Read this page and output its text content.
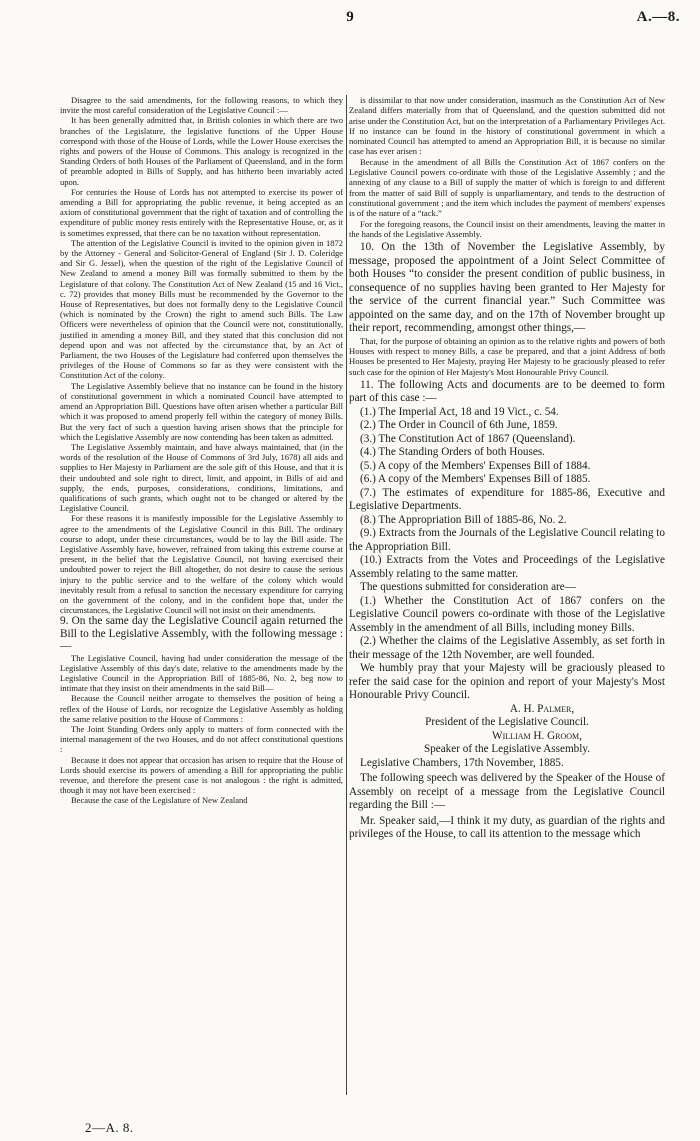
9	A.—8.

Disagree to the said amendments, for the following reasons, to which they invite the most careful consideration of the Legislative Council :—

It has been generally admitted that, in British colonies in which there are two branches of the Legislature, the legislative functions of the Upper House correspond with those of the House of Lords, while the Lower House exercises the rights and powers of the House of Commons. This analogy is recognized in the Standing Orders of both Houses of the Parliament of Queensland, and in the form of preamble adopted in Bills of Supply, and has hitherto been invariably acted upon.

For centuries the House of Lords has not attempted to exercise its power of amending a Bill for appropriating the public revenue, it being accepted as an axiom of constitutional government that the right of taxation and of controlling the expenditure of public money rests entirely with the Representative House, or, as it is sometimes expressed, that there can be no taxation without representation.

The attention of the Legislative Council is invited to the opinion given in 1872 by the Attorney - General and Solicitor-General of England (Sir J. D. Coleridge and Sir G. Jessel), when the question of the right of the Legislative Council of New Zealand to amend a money Bill was formally submitted to them by the Legislature of that colony. The Constitution Act of New Zealand (15 and 16 Vict., c. 72) provides that money Bills must be recommended by the Governor to the House of Representatives, but does not formally deny to the Legislative Council (which is nominated by the Crown) the right to amend such Bills. The Law Officers were nevertheless of opinion that the Council were not, constitutionally, justified in amending a money Bill, and they stated that this conclusion did not depend upon and was not affected by the circumstance that, by an Act of Parliament, the two Houses of the Legislature had conferred upon themselves the privileges of the House of Commons so far as they were consistent with the Constitution Act of the colony.

The Legislative Assembly believe that no instance can be found in the history of constitutional government in which a nominated Council have attempted to amend an Appropriation Bill. Questions have often arisen whether a particular Bill which it was proposed to amend properly fell within the category of money Bills. But the very fact of such a question having arisen shows that the principle for which the Legislative Assembly are now contending has been taken as admitted.

The Legislative Assembly maintain, and have always maintained, that (in the words of the resolution of the House of Commons of 3rd July, 1678) all aids and supplies to Her Majesty in Parliament are the sole gift of this House, and that it is their undoubted and sole right to direct, limit, and appoint, in Bills of aid and supply, the ends, purposes, considerations, conditions, limitations, and qualifications of such grants, which ought not to be changed or altered by the Legislative Council.

For these reasons it is manifestly impossible for the Legislative Assembly to agree to the amendments of the Legislative Council in this Bill. The ordinary course to adopt, under these circumstances, would be to lay the Bill aside. The Legislative Assembly have, however, refrained from taking this extreme course at present, in the belief that the Legislative Council, not having exercised their undoubted power to reject the Bill altogether, do not desire to cause the serious injury to the public service and to the welfare of the colony which would inevitably result from a refusal to sanction the necessary expenditure for carrying on the government of the colony, and in the confident hope that, under the circumstances, the Legislative Council will not insist on their amendments.

9. On the same day the Legislative Council again returned the Bill to the Legislative Assembly, with the following message :—

The Legislative Council, having had under consideration the message of the Legislative Assembly of this day's date, relative to the amendments made by the Legislative Council in the Appropriation Bill of 1885-86, No. 2, beg now to intimate that they insist on their amendments in the said Bill—

Because the Council neither arrogate to themselves the position of being a reflex of the House of Lords, nor recognize the Legislative Assembly as holding the same relative position to the House of Commons :

The Joint Standing Orders only apply to matters of form connected with the internal management of the two Houses, and do not affect constitutional questions :

Because it does not appear that occasion has arisen to require that the House of Lords should exercise its powers of amending a Bill for appropriating the public revenue, and therefore the present case is not analogous : the right is admitted, though it may not have been exercised :

Because the case of the Legislature of New Zealand

is dissimilar to that now under consideration, inasmuch as the Constitution Act of New Zealand differs materially from that of Queensland, and the question submitted did not arise under the Constitution Act, but on the interpretation of a Parliamentary Privileges Act. If no instance can be found in the history of constitutional government in which a nominated Council has attempted to amend an Appropriation Bill, it is because no similar case has ever arisen :

Because in the amendment of all Bills the Constitution Act of 1867 confers on the Legislative Council powers co-ordinate with those of the Legislative Assembly ; and the annexing of any clause to a Bill of supply the matter of which is foreign to and different from the matter of said Bill of supply is unparliamentary, and tends to the destruction of constitutional government ; and the item which includes the payment of members' expenses is of the nature of a “tack.”

For the foregoing reasons, the Council insist on their amendments, leaving the matter in the hands of the Legislative Assembly.

10. On the 13th of November the Legislative Assembly, by message, proposed the appointment of a Joint Select Committee of both Houses “to consider the present condition of public business, in consequence of no supplies having been granted to Her Majesty for the service of the current financial year.” Such Committee was appointed on the same day, and on the 17th of November brought up their report, recommending, amongst other things,—

That, for the purpose of obtaining an opinion as to the relative rights and powers of both Houses with respect to money Bills, a case be prepared, and that a joint Address of both Houses be presented to Her Majesty, praying Her Majesty to be graciously pleased to refer such case for the opinion of Her Majesty's Most Honourable Privy Council.

11. The following Acts and documents are to be deemed to form part of this case :—

(1.) The Imperial Act, 18 and 19 Vict., c. 54.

(2.) The Order in Council of 6th June, 1859.

(3.) The Constitution Act of 1867 (Queensland).

(4.) The Standing Orders of both Houses.

(5.) A copy of the Members' Expenses Bill of 1884.

(6.) A copy of the Members' Expenses Bill of 1885.

(7.) The estimates of expenditure for 1885-86, Executive and Legislative Departments.

(8.) The Appropriation Bill of 1885-86, No. 2.

(9.) Extracts from the Journals of the Legislative Council relating to the Appropriation Bill.

(10.) Extracts from the Votes and Proceedings of the Legislative Assembly relating to the same matter.

The questions submitted for consideration are—

(1.) Whether the Constitution Act of 1867 confers on the Legislative Council powers co-ordinate with those of the Legislative Assembly in the amendment of all Bills, including money Bills.

(2.) Whether the claims of the Legislative Assembly, as set forth in their message of the 12th November, are well founded.

We humbly pray that your Majesty will be graciously pleased to refer the said case for the opinion and report of your Majesty's Most Honourable Privy Council.

A. H. Palmer,
President of the Legislative Council.
William H. Groom,
Speaker of the Legislative Assembly.
Legislative Chambers, 17th November, 1885.

The following speech was delivered by the Speaker of the House of Assembly on receipt of a message from the Legislative Council regarding the Bill :—

Mr. Speaker said,—I think it my duty, as guardian of the rights and privileges of the House, to call its attention to the message which

2—A. 8.
